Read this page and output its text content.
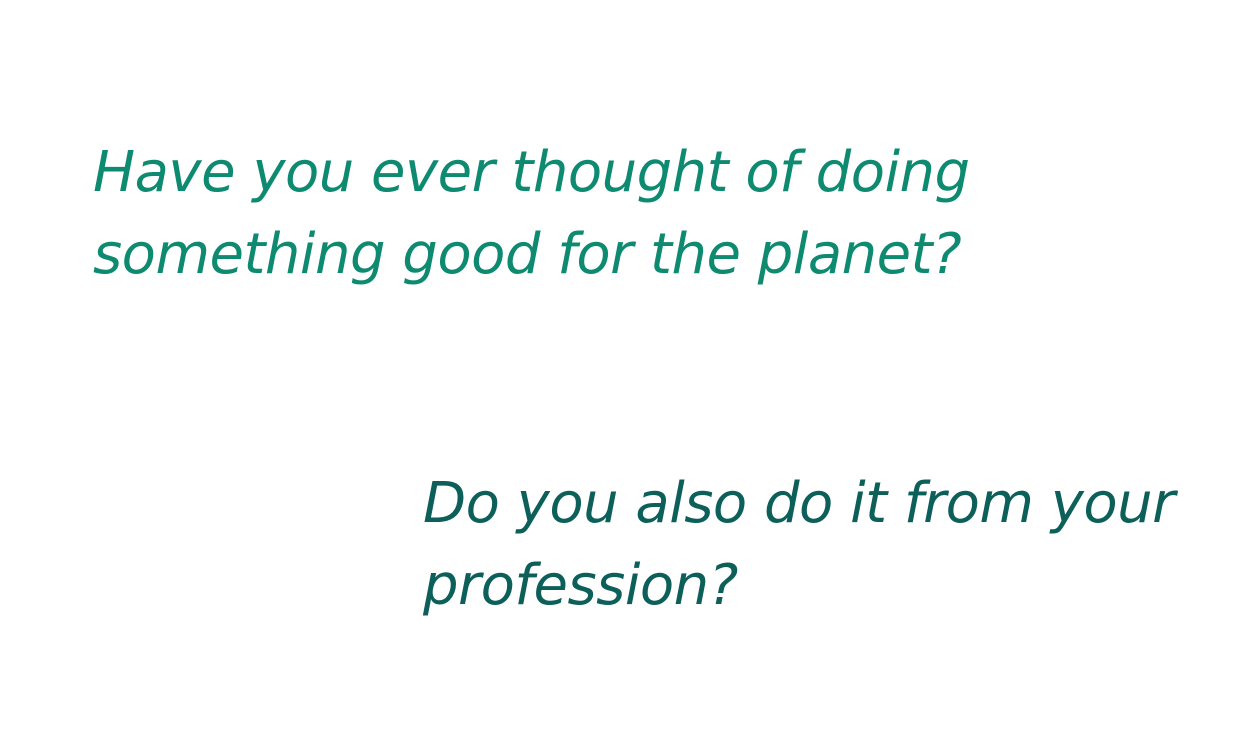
Have you ever thought of doing
something good for the planet?
Do you also do it from your
profession?
